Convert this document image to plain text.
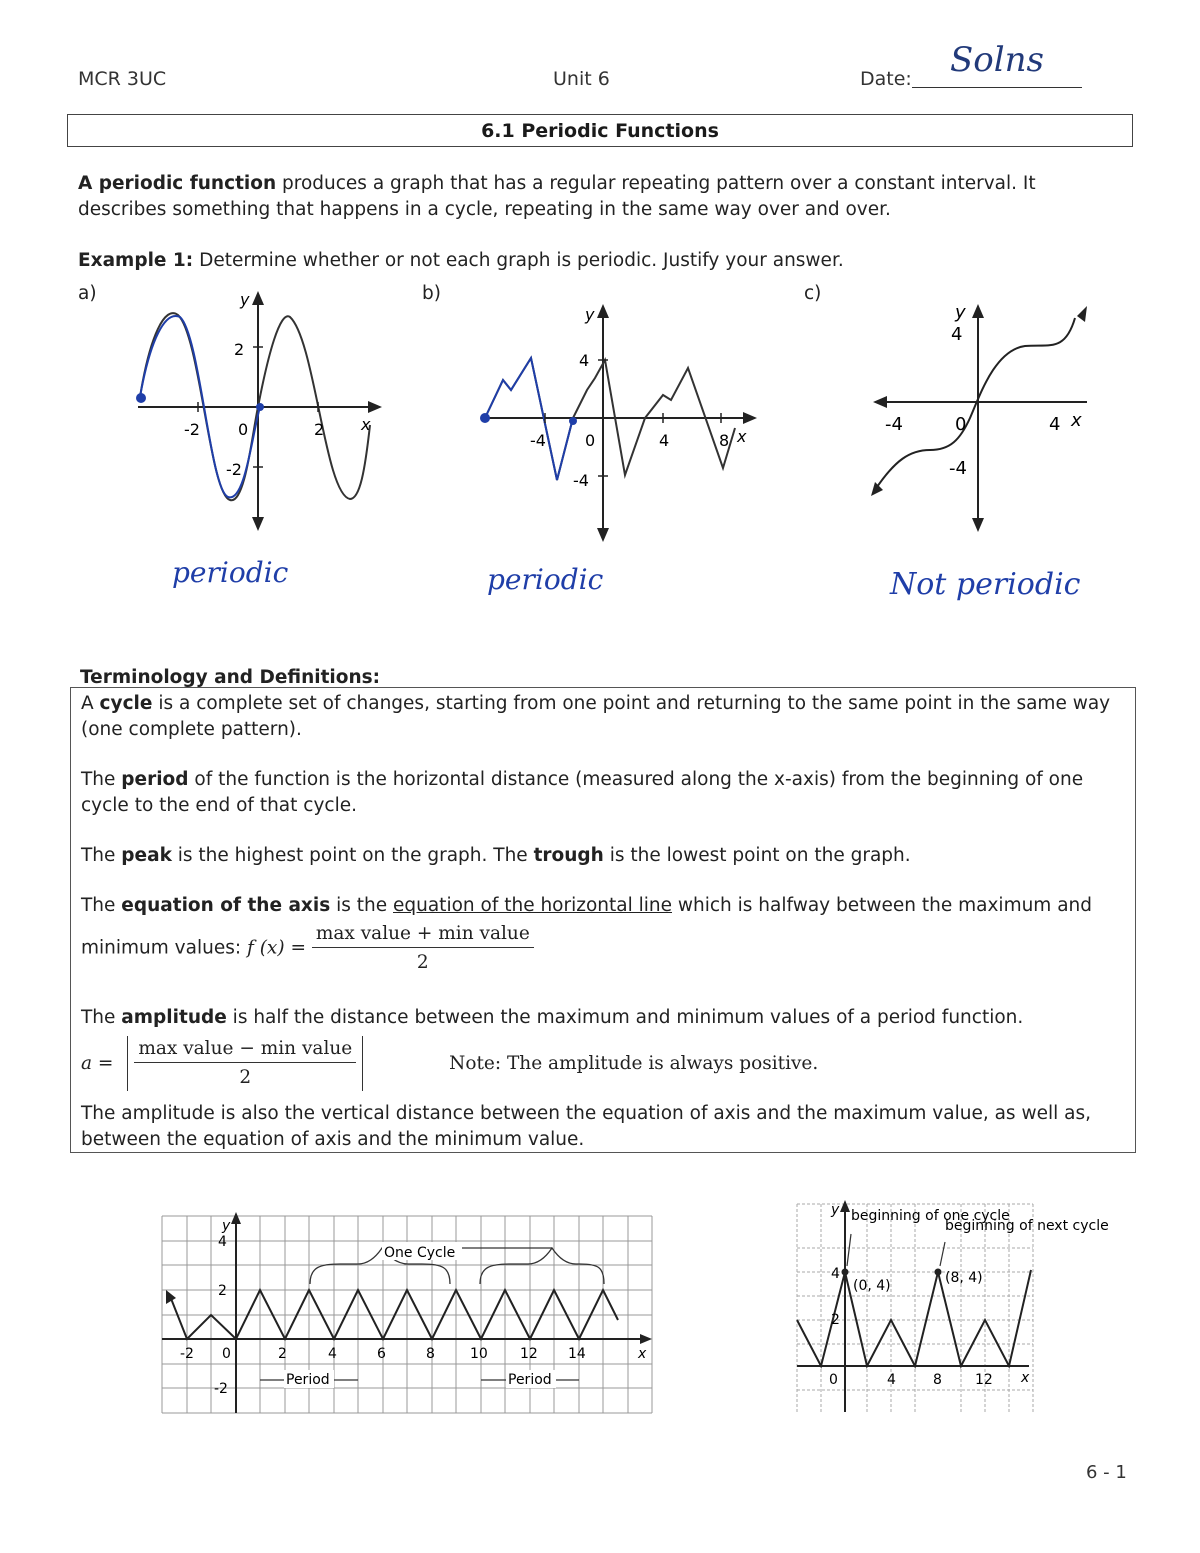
MCR 3UC	Unit 6	Date: Solns
6.1 Periodic Functions
A periodic function produces a graph that has a regular repeating pattern over a constant interval. It describes something that happens in a cycle, repeating in the same way over and over.
Example 1: Determine whether or not each graph is periodic. Justify your answer.
a)	b)	c)
y
x
2
-2 0	2
-2
y
x
4
-4 0	4	8
-4
y
x
4
-4	0	4
-4
periodic	periodic	Not periodic
Terminology and Definitions:
A cycle is a complete set of changes, starting from one point and returning to the same point in the same way (one complete pattern).
The period of the function is the horizontal distance (measured along the x-axis) from the beginning of one cycle to the end of that cycle.
The peak is the highest point on the graph. The trough is the lowest point on the graph.
The equation of the axis is the equation of the horizontal line which is halfway between the maximum and
minimum values: f $(x) = \frac{\text{max value + min value}}{2}$
The amplitude is half the distance between the maximum and minimum values of a period function.
$a = \frac{\text{max value − min value}}{2}$	Note: The amplitude is always positive.
The amplitude is also the vertical distance between the equation of axis and the maximum value, as well as, between the equation of axis and the minimum value.
One Cycle
Period	Period
y
x
4
2
-2
-2 0	2	4	6	8	10 12 14
beginning of one cycle
beginning of next cycle
(0, 4)	(8, 4)
y
x
4
2
0	4	8 12
6 - 1
